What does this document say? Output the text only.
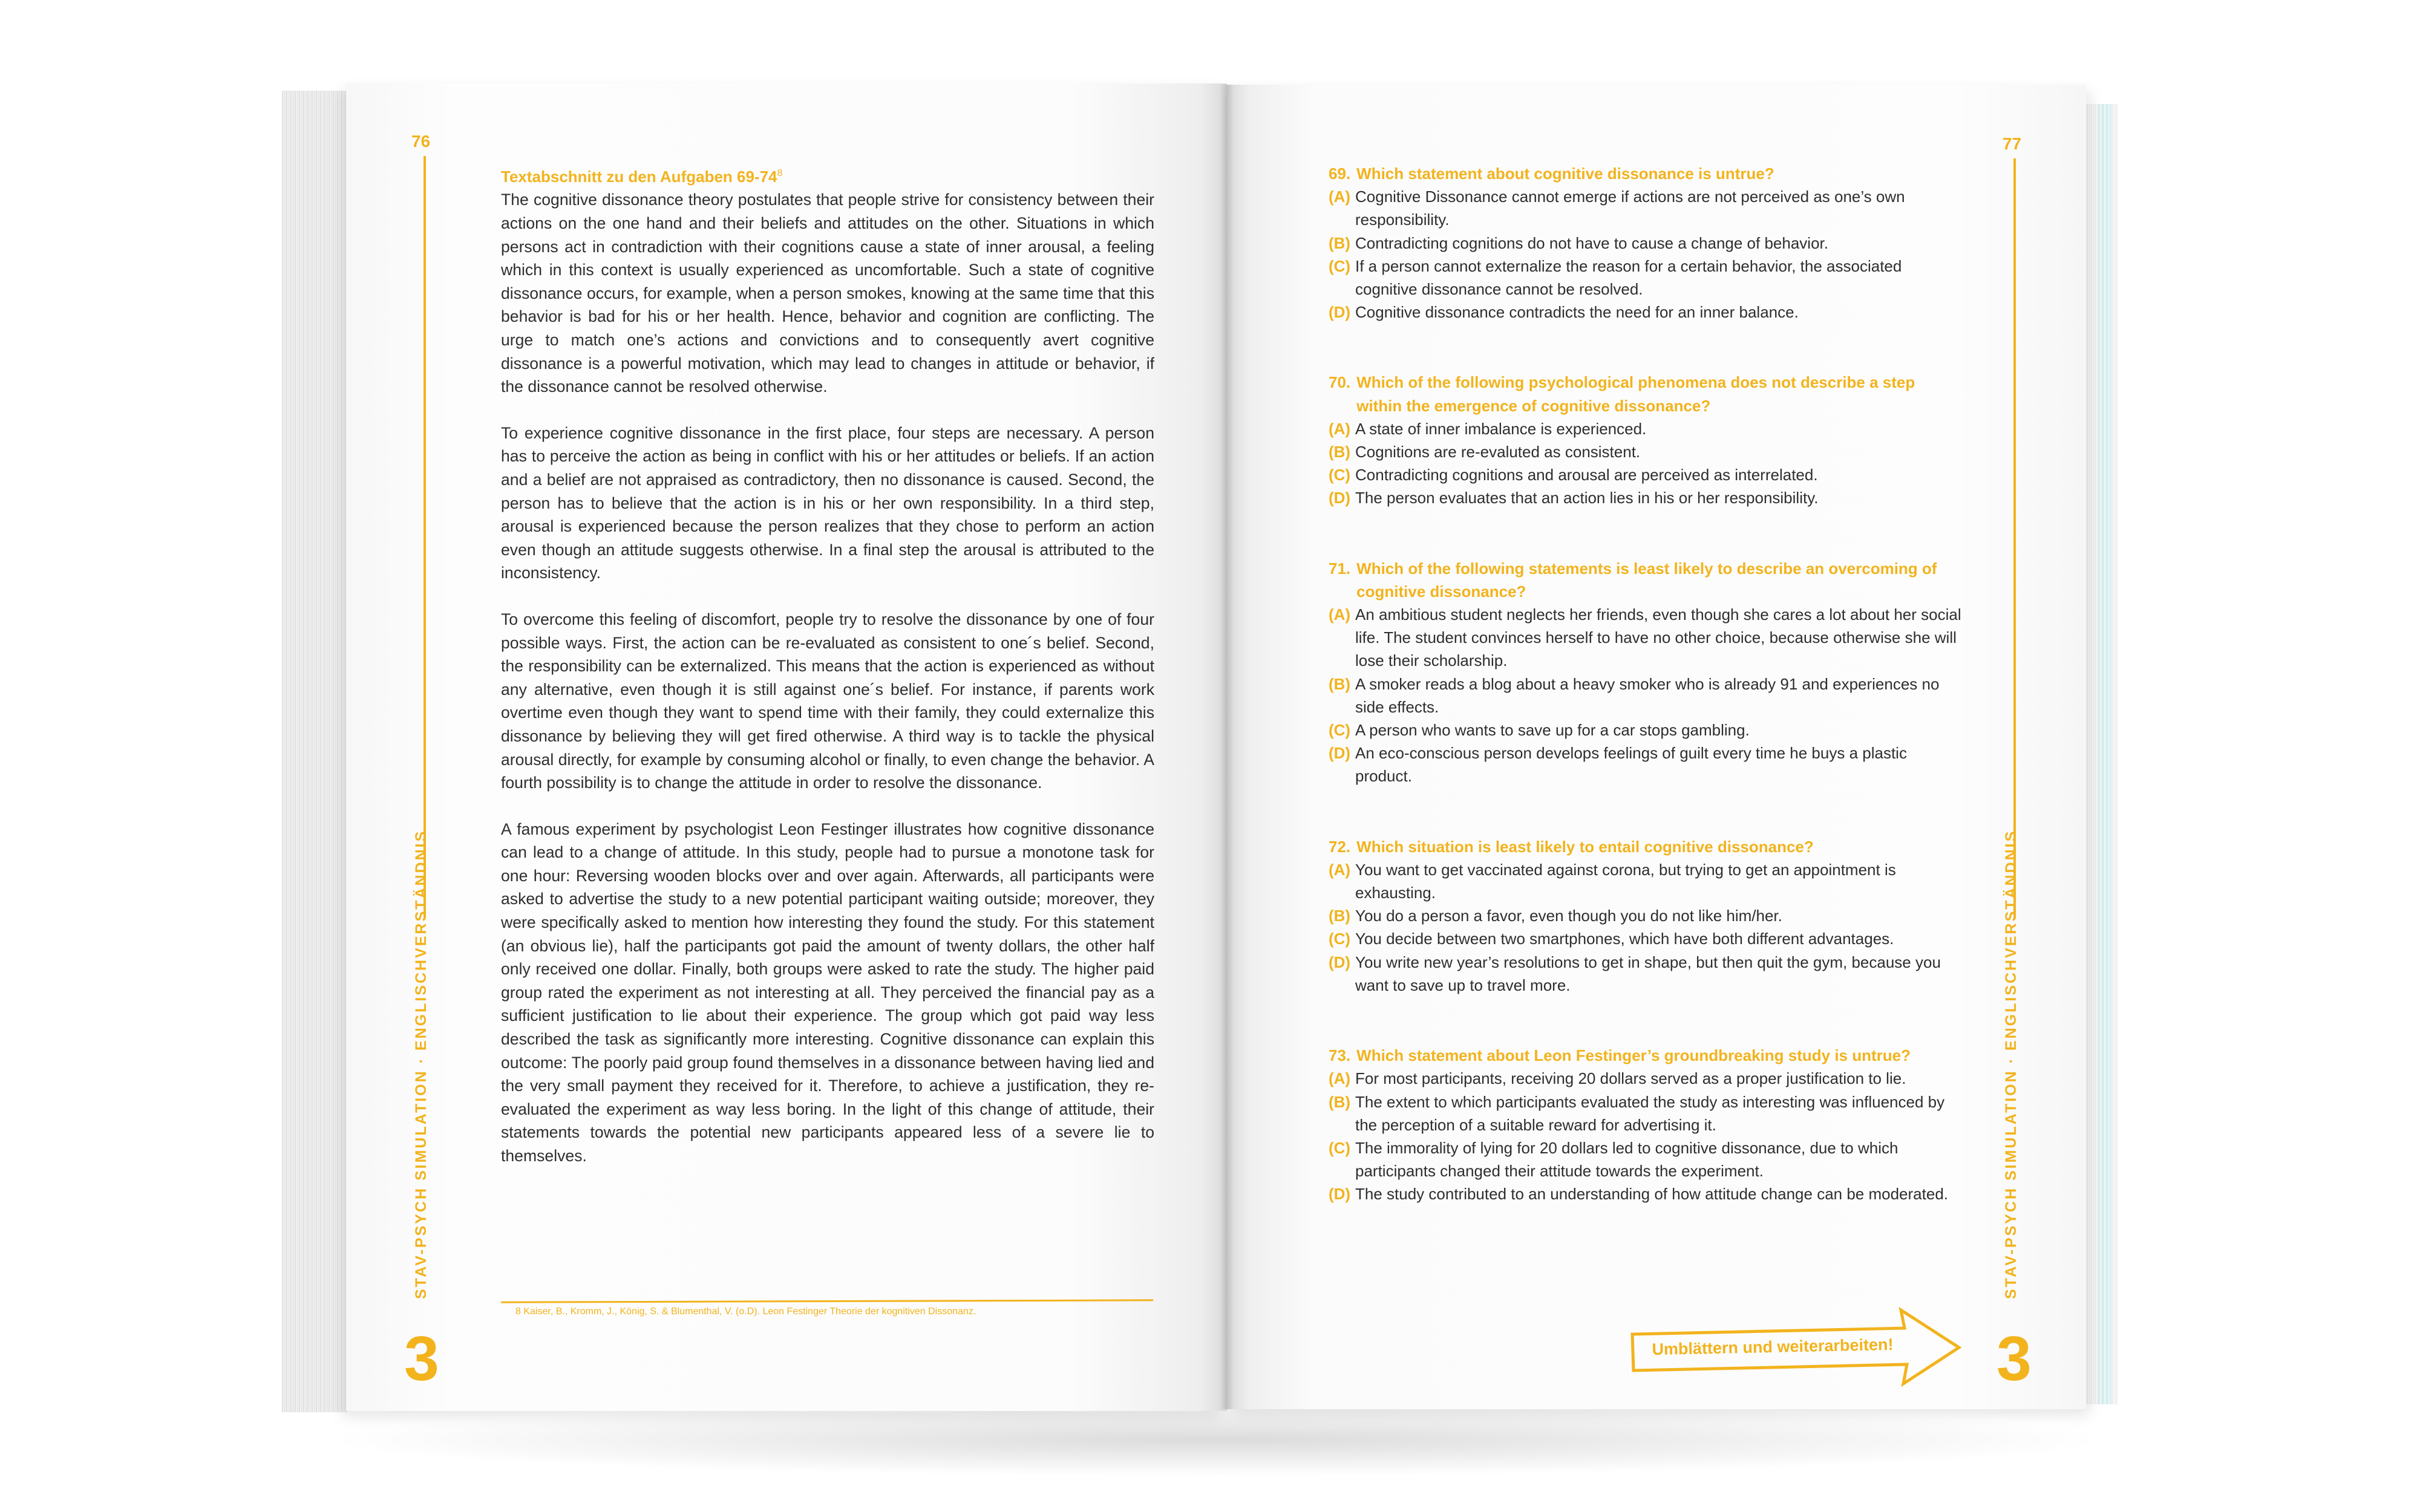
76
STAV-PSYCH SIMULATION · ENGLISCHVERSTÄNDNIS
3
Textabschnitt zu den Aufgaben $69-74^8$

The cognitive dissonance theory postulates that people strive for consistency between their actions on the one hand and their beliefs and attitudes on the other. Situations in which persons act in contradiction with their cognitions cause a state of inner arousal, a feeling which in this context is usually experienced as uncomfortable. Such a state of cognitive dissonance occurs, for example, when a person smokes, knowing at the same time that this behavior is bad for his or her health. Hence, behavior and cognition are conflicting. The urge to match one’s actions and convictions and to consequently avert cognitive dissonance is a powerful motivation, which may lead to changes in attitude or behavior, if the dissonance cannot be resolved otherwise.

To experience cognitive dissonance in the first place, four steps are necessary. A person has to perceive the action as being in conflict with his or her attitudes or beliefs. If an action and a belief are not appraised as contradictory, then no dissonance is caused. Second, the person has to believe that the action is in his or her own responsibility. In a third step, arousal is experienced because the person realizes that they chose to perform an action even though an attitude suggests otherwise. In a final step the arousal is attributed to the inconsistency.

To overcome this feeling of discomfort, people try to resolve the dissonance by one of four possible ways. First, the action can be re-evaluated as consistent to one´s belief. Second, the responsibility can be externalized. This means that the action is experienced as without any alternative, even though it is still against one´s belief. For instance, if parents work overtime even though they want to spend time with their family, they could externalize this dissonance by believing they will get fired otherwise. A third way is to tackle the physical arousal directly, for example by consuming alcohol or finally, to even change the behavior. A fourth possibility is to change the attitude in order to resolve the dissonance.

A famous experiment by psychologist Leon Festinger illustrates how cognitive dissonance can lead to a change of attitude. In this study, people had to pursue a monotone task for one hour: Reversing wooden blocks over and over again. Afterwards, all participants were asked to advertise the study to a new potential participant waiting outside; moreover, they were specifically asked to mention how interesting they found the study. For this statement (an obvious lie), half the participants got paid the amount of twenty dollars, the other half only received one dollar. Finally, both groups were asked to rate the study. The higher paid group rated the experiment as not interesting at all. They perceived the financial pay as a sufficient justification to lie about their experience. The group which got paid way less described the task as significantly more interesting. Cognitive dissonance can explain this outcome: The poorly paid group found themselves in a dissonance between having lied and the very small payment they received for it. Therefore, to achieve a justification, they re-evaluated the experiment as way less boring. In the light of this change of attitude, their statements towards the potential new participants appeared less of a severe lie to themselves.

8 Kaiser, B., Kromm, J., König, S. & Blumenthal, V. (o.D). Leon Festinger Theorie der kognitiven Dissonanz.
77
STAV-PSYCH SIMULATION · ENGLISCHVERSTÄNDNIS
3
69. Which statement about cognitive dissonance is untrue?
(A) Cognitive Dissonance cannot emerge if actions are not perceived as one’s own responsibility.
(B) Contradicting cognitions do not have to cause a change of behavior.
(C) If a person cannot externalize the reason for a certain behavior, the associated cognitive dissonance cannot be resolved.
(D) Cognitive dissonance contradicts the need for an inner balance.
70. Which of the following psychological phenomena does not describe a step within the emergence of cognitive dissonance?
(A) A state of inner imbalance is experienced.
(B) Cognitions are re-evaluted as consistent.
(C) Contradicting cognitions and arousal are perceived as interrelated.
(D) The person evaluates that an action lies in his or her responsibility.
71. Which of the following statements is least likely to describe an overcoming of cognitive dissonance?
(A) An ambitious student neglects her friends, even though she cares a lot about her social life. The student convinces herself to have no other choice, because otherwise she will lose their scholarship.
(B) A smoker reads a blog about a heavy smoker who is already 91 and experiences no side effects.
(C) A person who wants to save up for a car stops gambling.
(D) An eco-conscious person develops feelings of guilt every time he buys a plastic product.
72. Which situation is least likely to entail cognitive dissonance?
(A) You want to get vaccinated against corona, but trying to get an appointment is exhausting.
(B) You do a person a favor, even though you do not like him/her.
(C) You decide between two smartphones, which have both different advantages.
(D) You write new year’s resolutions to get in shape, but then quit the gym, because you want to save up to travel more.
73. Which statement about Leon Festinger’s groundbreaking study is untrue?
(A) For most participants, receiving 20 dollars served as a proper justification to lie.
(B) The extent to which participants evaluated the study as interesting was influenced by the perception of a suitable reward for advertising it.
(C) The immorality of lying for 20 dollars led to cognitive dissonance, due to which participants changed their attitude towards the experiment.
(D) The study contributed to an understanding of how attitude change can be moderated.
Umblättern und weiterarbeiten!
